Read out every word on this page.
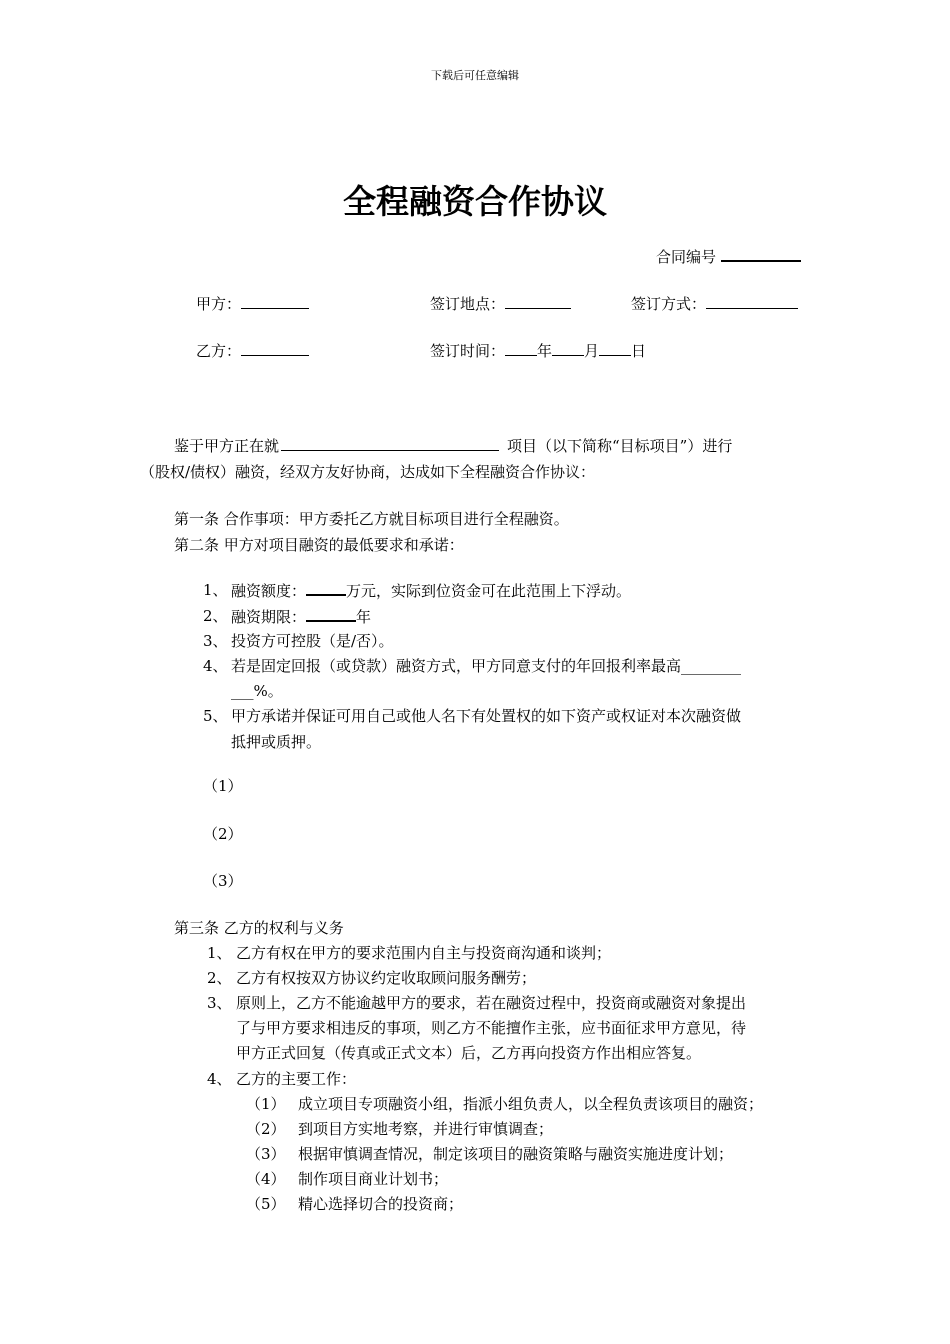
下载后可任意编辑
全程融资合作协议
合同编号
甲方：	签订地点：	签订方式：
乙方：	签订时间： 年 月 日
鉴于甲方正在就	项目（以下简称“目标项目”）进行
（股权/债权）融资，经双方友好协商，达成如下全程融资合作协议：
第一条 合作事项：甲方委托乙方就目标项目进行全程融资。
第二条 甲方对项目融资的最低要求和承诺：
1、 融资额度：	万元，实际到位资金可在此范围上下浮动。
2、 融资期限：	年
3、 投资方可控股（是/否）。
4、 若是固定回报（或贷款）融资方式，甲方同意支付的年回报利率最高________
___%。
5、 甲方承诺并保证可用自己或他人名下有处置权的如下资产或权证对本次融资做
抵押或质押。
（1）
（2）
（3）
第三条 乙方的权利与义务
1、 乙方有权在甲方的要求范围内自主与投资商沟通和谈判；
2、 乙方有权按双方协议约定收取顾问服务酬劳；
3、 原则上，乙方不能逾越甲方的要求，若在融资过程中，投资商或融资对象提出
了与甲方要求相违反的事项，则乙方不能擅作主张，应书面征求甲方意见，待
甲方正式回复（传真或正式文本）后，乙方再向投资方作出相应答复。
4、 乙方的主要工作：
（1） 成立项目专项融资小组，指派小组负责人，以全程负责该项目的融资；
（2） 到项目方实地考察，并进行审慎调查；
（3） 根据审慎调查情况，制定该项目的融资策略与融资实施进度计划；
（4） 制作项目商业计划书；
（5） 精心选择切合的投资商；
